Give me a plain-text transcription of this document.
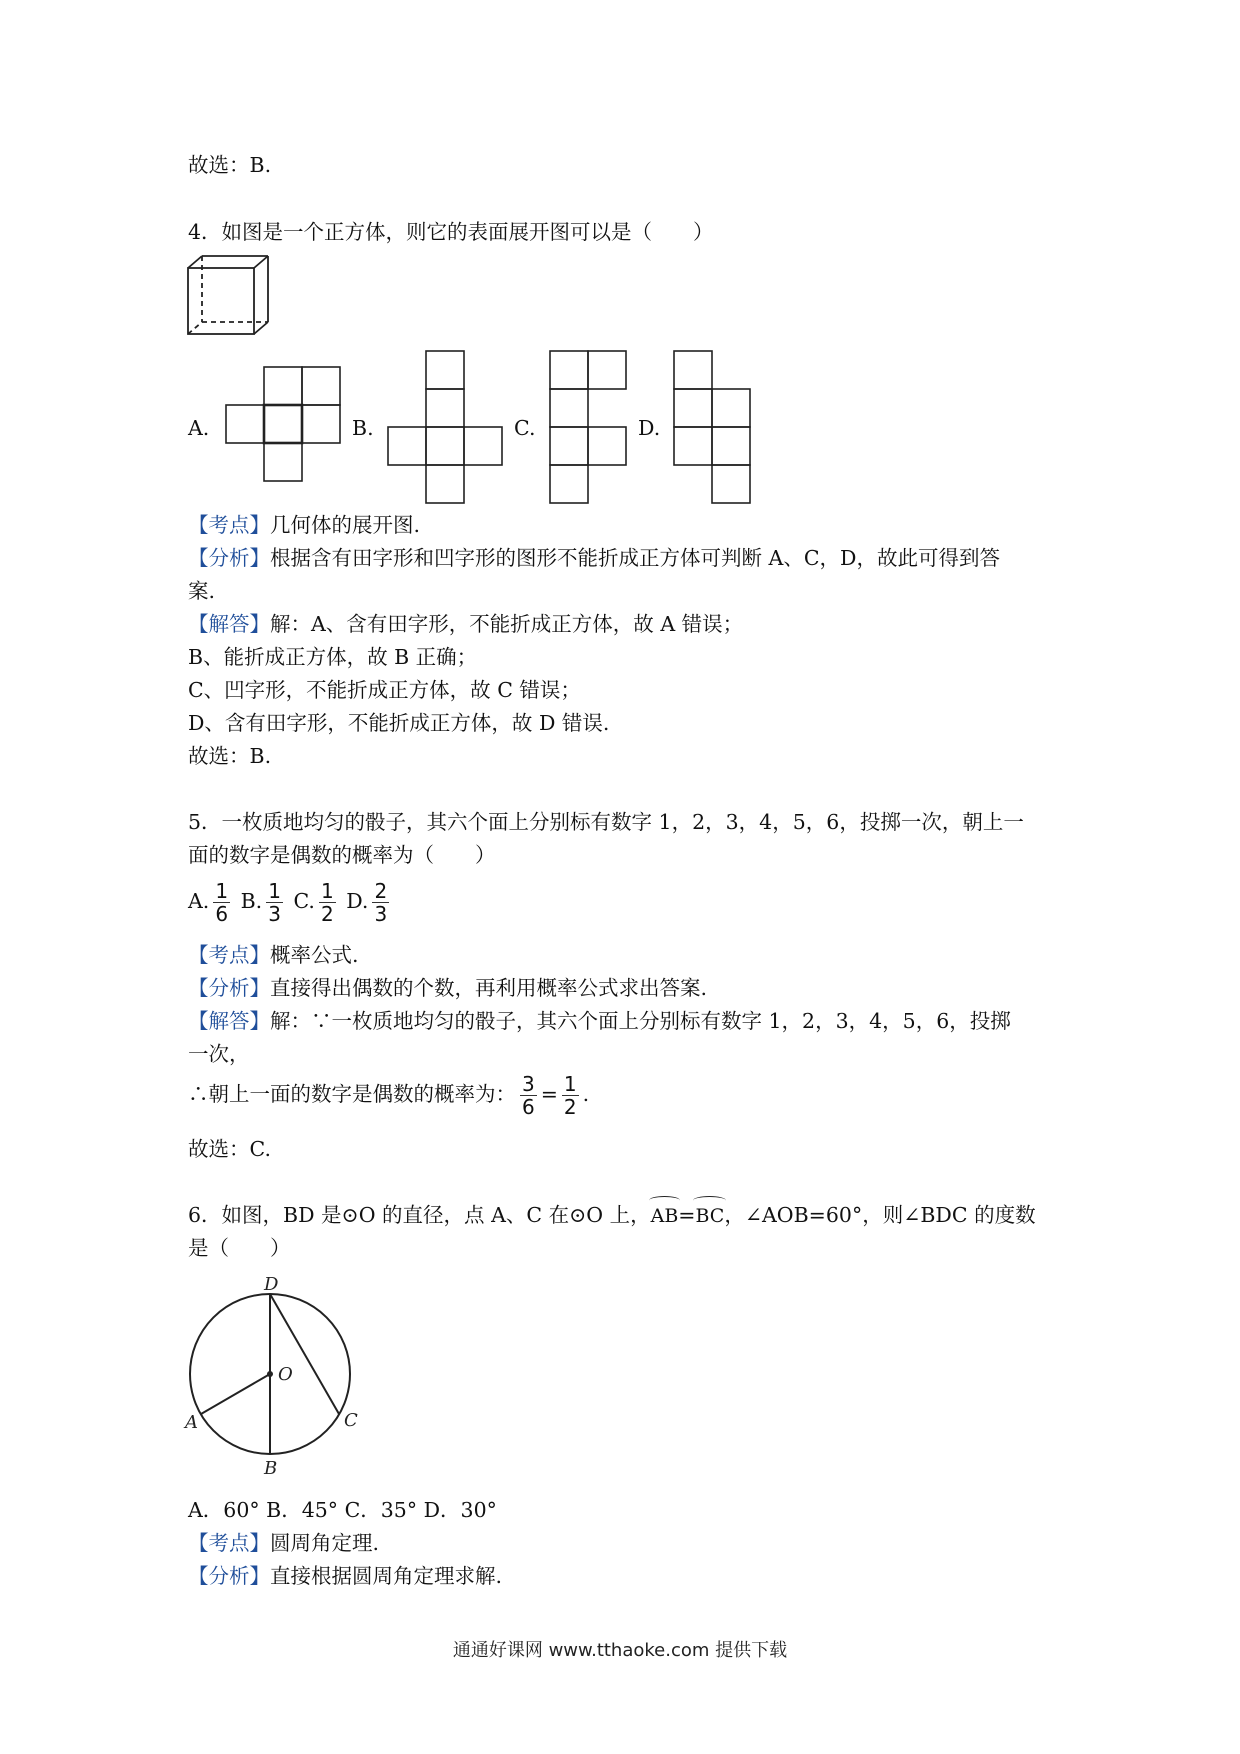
故选：B.
4．如图是一个正方体，则它的表面展开图可以是（　　）
A.	B.	C.	D.
【考点】几何体的展开图.
【分析】根据含有田字形和凹字形的图形不能折成正方体可判断 A、C，D，故此可得到答
案.
【解答】解：A、含有田字形，不能折成正方体，故 A 错误；
B、能折成正方体，故 B 正确；
C、凹字形，不能折成正方体，故 C 错误；
D、含有田字形，不能折成正方体，故 D 错误.
故选：B.
5．一枚质地均匀的骰子，其六个面上分别标有数字 1，2，3，4，5，6，投掷一次，朝上一
面的数字是偶数的概率为（　　）
A. $\frac{1}{6} B$. $\frac{1}{3} C$. $\frac{1}{2} D$. $\frac{2}{3}$
【考点】概率公式.
【分析】直接得出偶数的个数，再利用概率公式求出答案.
【解答】解：∵一枚质地均匀的骰子，其六个面上分别标有数字 1，2，3，4，5，6，投掷
一次，
∴朝上一面的数字是偶数的概率为： $\frac{3}{6} = \frac{1}{2}$ .
故选：C.
6．如图，BD 是⊙O 的直径，点 A、C 在⊙O 上，AB=BC，∠AOB=60°，则∠BDC 的度数
是（　　）
D
O
A	C
B
A．60° B．45° C．35° D．30°
【考点】圆周角定理.
【分析】直接根据圆周角定理求解.
通通好课网 www.tthaoke.com 提供下载
